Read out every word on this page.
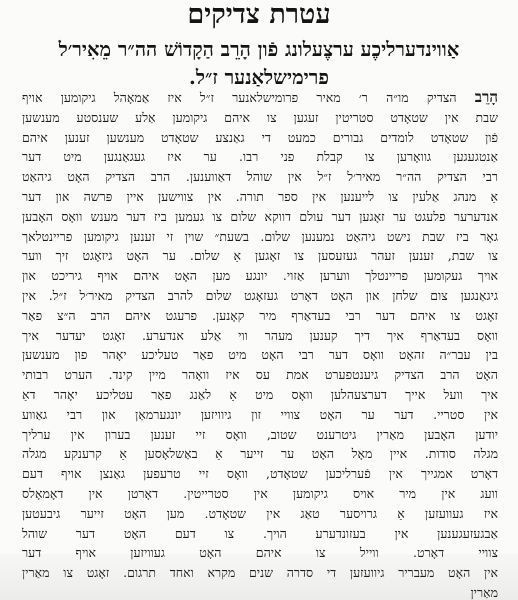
עטרת צדיקים
אַווינדערליכֶע ערצֶעלונג פֿון הָרֵב הַקָדוֹשׁ הה״ר מֵאִיר׳ל
פרימישלאַנער ז״ל.
הָרֵב הצדיק מו״ה ר׳ מאיר פרומישלאנער ז״ל איז אַמאָהל גיקומען אויף
שבת אין שטאָדט סטריטין זעגען צו איהם גיקומען אַלע שענסטע מענשען
פֿון שטאָדט לומדים גבורים כמעט די גאַנצע שטאָדט מענשען זענען איהם
אַנטגעגען גוואָרען צו קבלת פני רבו. ער איז געגאַנגען מיט דער
רבי הצדיק הה״ר מאיר׳ל ז״ל אין שוהל דאַווענען. הרב הצדיק האָט גיהאַט
אַ מנהג אַלעין צו לייענען אין ספר תורה. אין צווישען איין פּרשה און דער
אנדערער פלעגט ער זאָגען דער עולם דווקא שלום צו געמען ביז דער מענש וואָס האָבען
גאָר ביז שבת נישט גיהאַט נמענען שלום. בשעת״ שוין זי זענען גיקומען פריינטלאך
צו שבת, זענען זעהר געזעסען צו זאָגען אַ שלום. ער האָט גיזאָגט זיך ווער
אויך געקומען פריינטלך ווערען אַזוי. יונגע מען האָט איהם אויף גיריכט און
גיגאַנגען צום שלחן און האָט דאָרט געזאָגט שלום להרב הצדיק מאיר׳ל ז״ל. אין
זאָגט צו איהם דער רבי בעדאַרף מיר קאָנען. פרעגט איהם הרב ה״צ פאַר
וואָס בעדאַרף איך דיך קענען מעהר ווי אַלע אנדערע. זאָגט יעדער איך
בין עבר״ה זהאָט וואָס דער רבי האָט מיט פאַר טעליכע יאָהר פון מענשען
האָט הרב הצדיק גיענטפערט אמת עס איז וואָהר מיין קינד. הערט רבותי
איך וועל אייך דערצעהלען וואָס מיט אַ לאַנג פאַר עטליכע יאָהר דאַ
אין סטריי. דער ער האָט צוויי זון גיוויזען יונגערמאַן און רבי גאַווע
יודען האָבען מאַרין גיטרענט שטוב, וואָס זיי זענען בערון אין ערליך
מגלה סודות. איין מאָל האָט ער זייער אַ באַשלאָסען אַ קרענקע מגלה
דאָרט אמגייך אין פֿערליכען שטאָדט, וואָס זיי טרעפען גאַנצן אויף דעם
וועג אין מיר אויס גיקומען אין סטרייטין. דאָרטן אין דאָמאָלס
איז געוועזען אַ גרויסער טאַג אין שטאָדט. מען האָט זייער גיבעטען
אַבגעזעגענען אין בעזונדערע הויך. צו דעם האָט דער שוהל
צוויי דאָרט. ווייל צו איהם האָט געוויזען אויף דער
אין האָט מעבריר גיוועזען די סדרה שנים מקרא ואחד תרגום. זאָגט צו מאַרין
מאַרין
